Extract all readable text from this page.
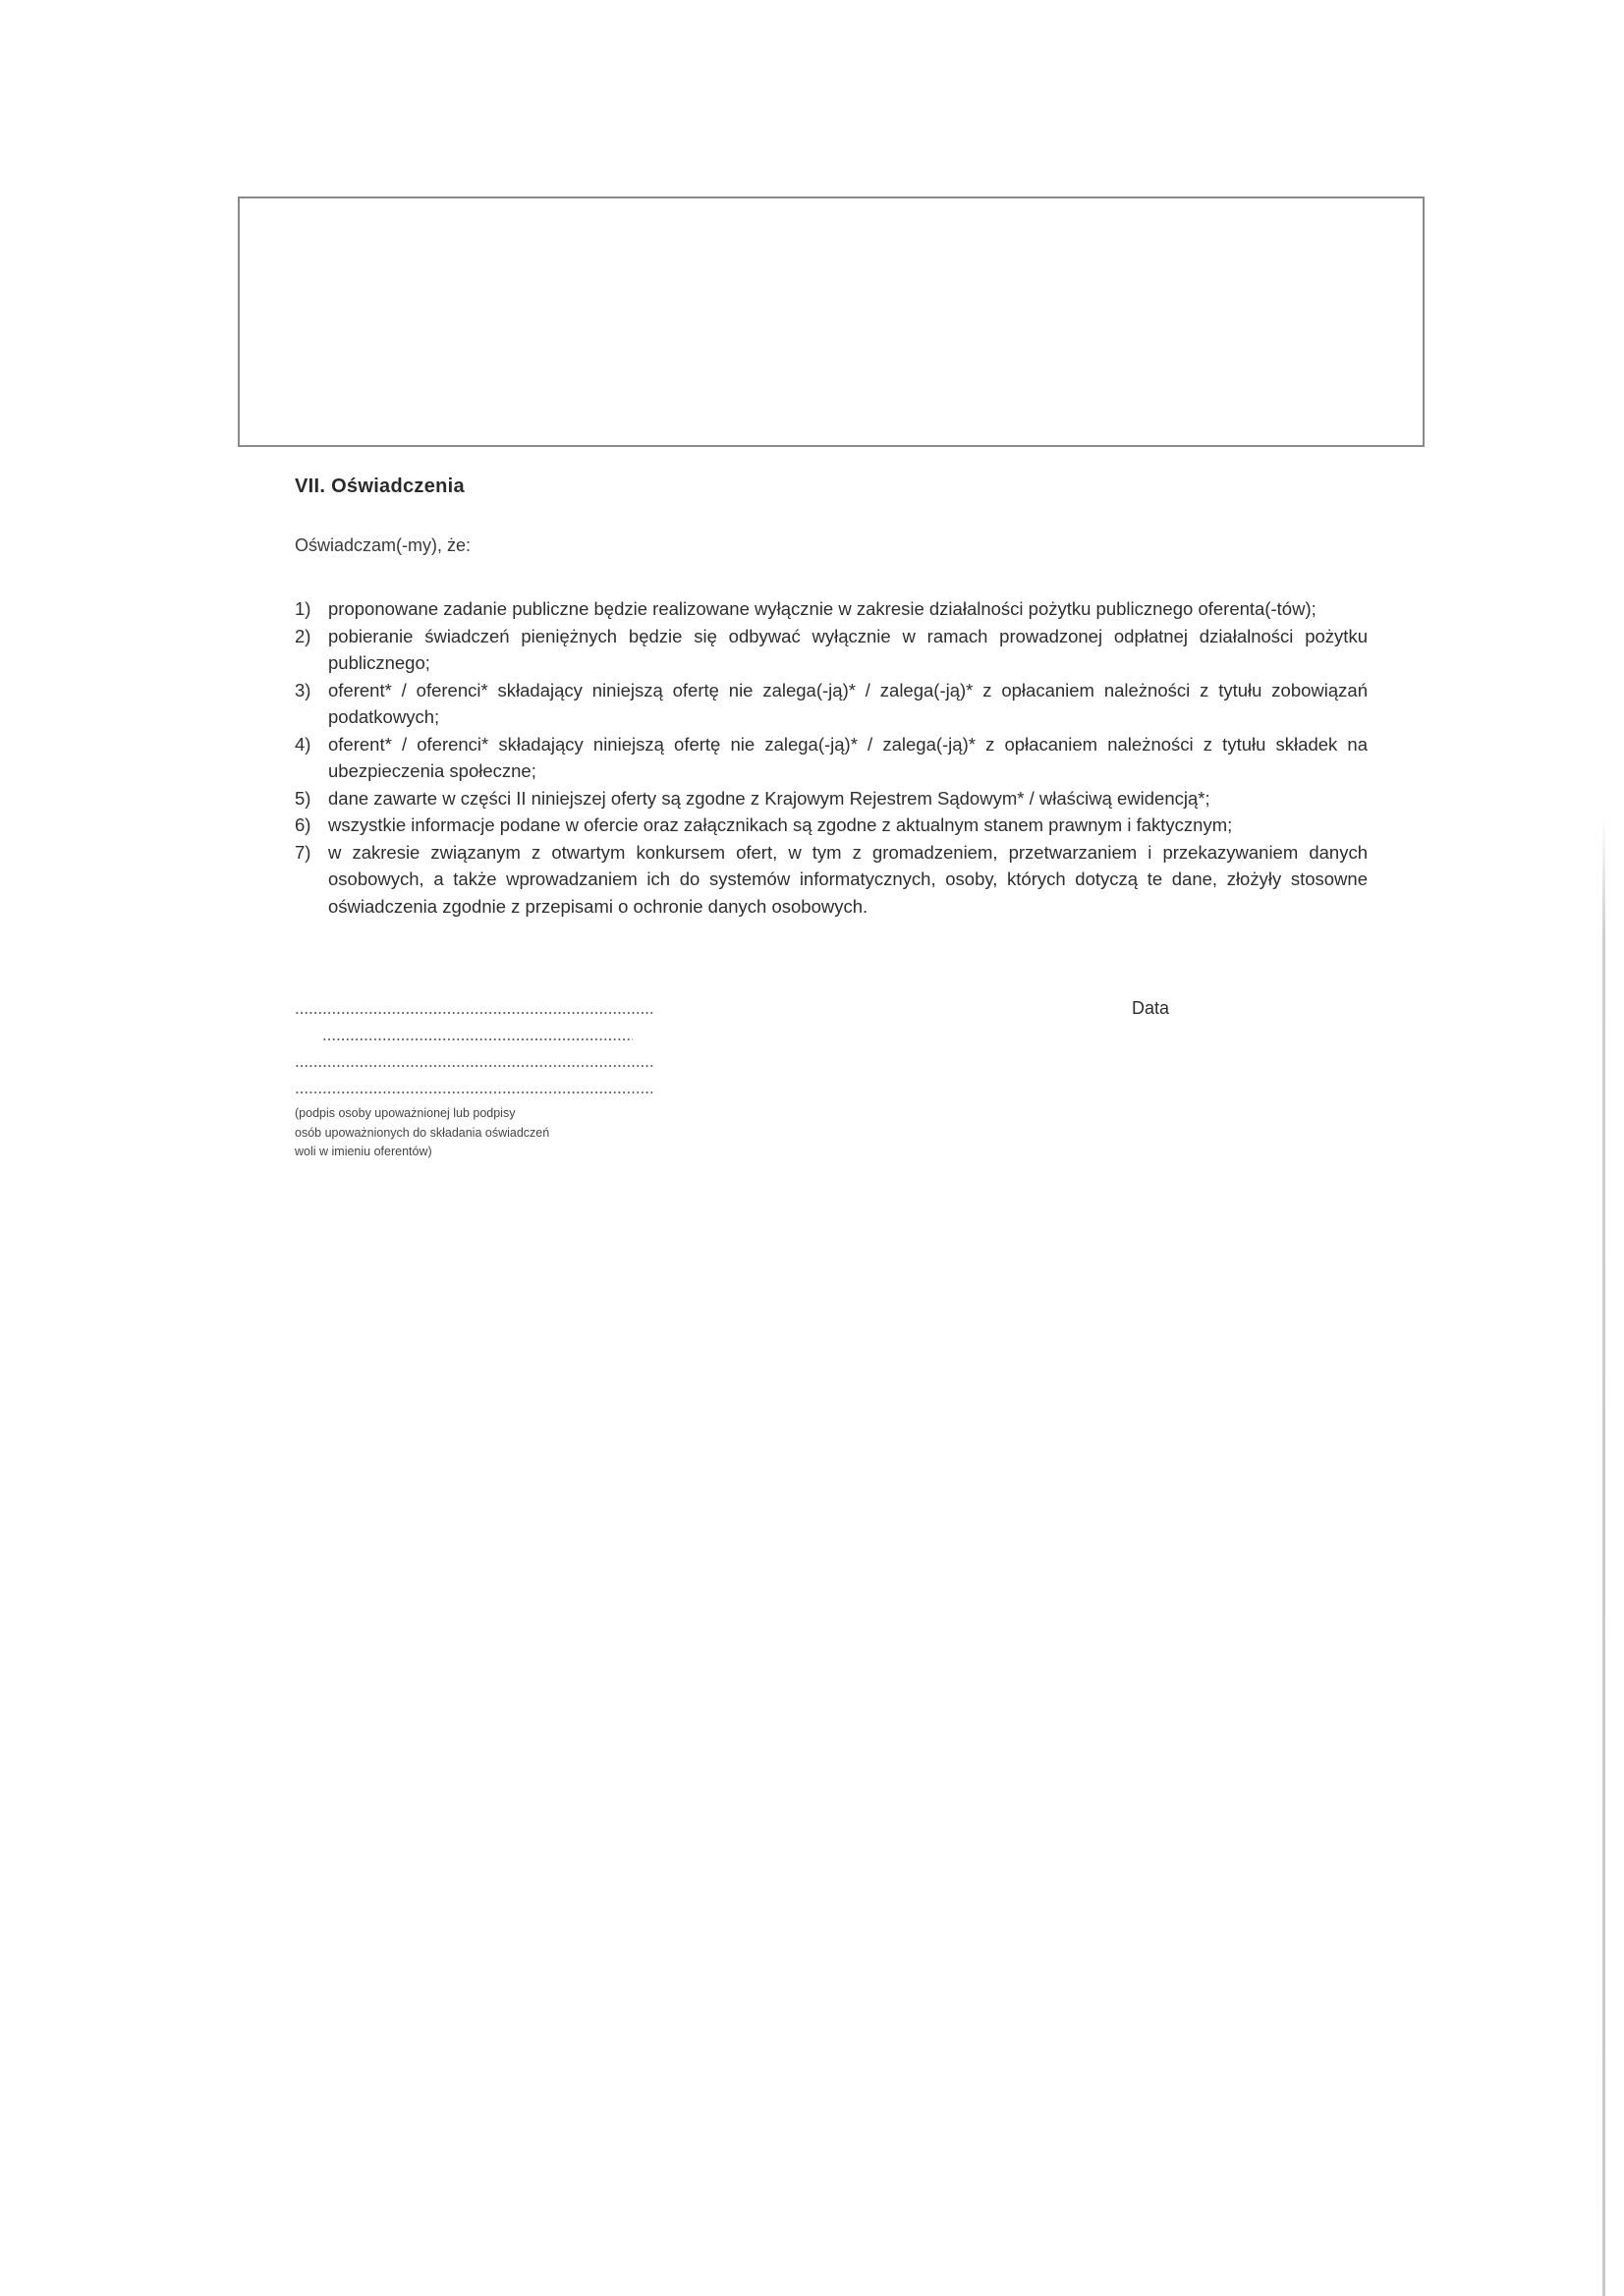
VII. Oświadczenia
Oświadczam(-my), że:
1) proponowane zadanie publiczne będzie realizowane wyłącznie w zakresie działalności pożytku publicznego oferenta(-tów);
2) pobieranie świadczeń pieniężnych będzie się odbywać wyłącznie w ramach prowadzonej odpłatnej działalności pożytku publicznego;
3) oferent* / oferenci* składający niniejszą ofertę nie zalega(-ją)* / zalega(-ją)* z opłacaniem należności z tytułu zobowiązań podatkowych;
4) oferent* / oferenci* składający niniejszą ofertę nie zalega(-ją)* / zalega(-ją)* z opłacaniem należności z tytułu składek na ubezpieczenia społeczne;
5) dane zawarte w części II niniejszej oferty są zgodne z Krajowym Rejestrem Sądowym* / właściwą ewidencją*;
6) wszystkie informacje podane w ofercie oraz załącznikach są zgodne z aktualnym stanem prawnym i faktycznym;
7) w zakresie związanym z otwartym konkursem ofert, w tym z gromadzeniem, przetwarzaniem i przekazywaniem danych osobowych, a także wprowadzaniem ich do systemów informatycznych, osoby, których dotyczą te dane, złożyły stosowne oświadczenia zgodnie z przepisami o ochronie danych osobowych.
(podpis osoby upoważnionej lub podpisy
osób upoważnionych do składania oświadczeń
woli w imieniu oferentów)
Data
